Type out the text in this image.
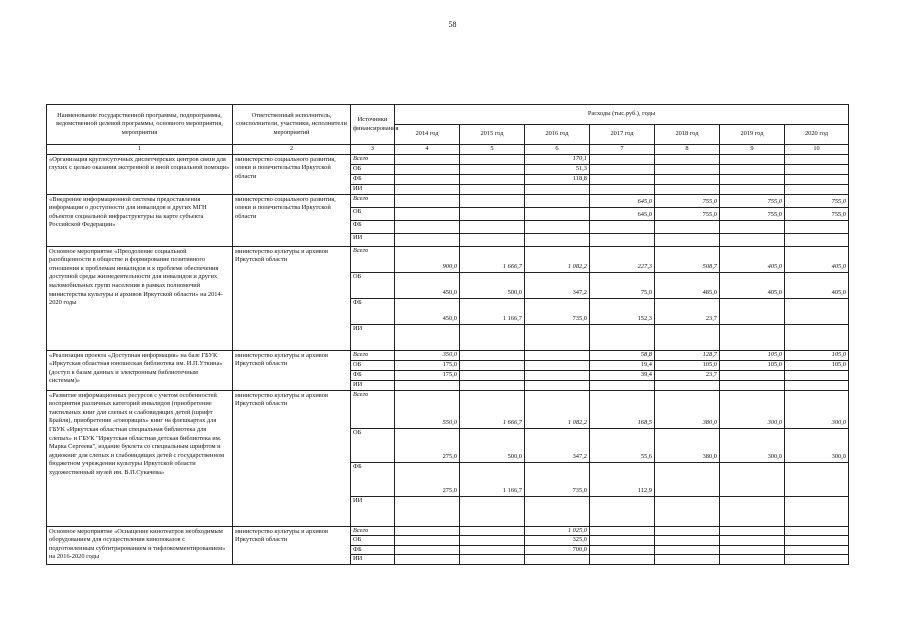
58
Наименование государственной программы, подпрограммы, ведомственной целевой программы, основного мероприятия, мероприятия	Ответственный исполнитель, соисполнители, участники, исполнители мероприятий	Источники финансирования	Расходы (тыс.руб.), годы						
			2014 год	2015 год	2016 год	2017 год	2018 год	2019 год	2020 год
1	2	3	4	5	6	7	8	9	10
«Организация круглосуточных диспетчерских центров связи для глухих с целью оказания экстренной и иной социальной помощи»	министерство социального развития, опеки и попечительства Иркутской области	Всего			170,1				
		ОБ			51,3				
		ФБ			118,8				
		ИИ							
«Внедрение информационной системы предоставления информации о доступности для инвалидов и других МГН объектов социальной инфраструктуры на карте субъекта Российской Федерации»	министерство социального развития, опеки и попечительства Иркутской области	Всего				645,0	755,0	755,0	755,0
		ОБ				645,0	755,0	755,0	755,0
		ФБ							
		ИИ							
Основное мероприятие «Преодоление социальной разобщенности в обществе и формирование позитивного отношения к проблемам инвалидов и к проблеме обеспечения доступной среды жизнедеятельности для инвалидов и других маломобильных групп населения в рамках полномочий министерства культуры и архивов Иркутской области» на 2014-2020 годы	министерство культуры и архивов Иркутской области	Всего	900,0	1 666,7	1 082,2	227,3	508,7	405,0	405,0
		ОБ	450,0	500,0	347,2	75,0	485,0	405,0	405,0
		ФБ	450,0	1 166,7	735,0	152,3	23,7		
		ИИ							
«Реализация проекта «Доступная информация» на базе ГБУК «Иркутская областная юношеская библиотека им. И.П.Уткина» (доступ к базам данных и электронным библиотечным системам)»	министерство культуры и архивов Иркутской области	Всего	350,0			58,8	128,7	105,0	105,0
		ОБ	175,0			19,4	105,0	105,0	105,0
		ФБ	175,0			39,4	23,7		
		ИИ							
«Развитие информационных ресурсов с учетом особенностей восприятия различных категорий инвалидов (приобретение тактильных книг для слепых и слабовидящих детей (шрифт Брайля), приобретение «говорящих» книг на флешкартах для ГБУК «Иркутская областная специальная библиотека для слепых» и ГБУК "Иркутская областная детская библиотека им. Марка Сергеева", издание буклета со специальным шрифтом и аудиокниг для слепых и слабовидящих детей с государственном бюджетном учреждении культуры Иркутской области художественный музей им. В.П.Сукачева»	министерство культуры и архивов Иркутской области	Всего	550,0	1 666,7	1 082,2	168,5	380,0	300,0	300,0
		ОБ	275,0	500,0	347,2	55,6	380,0	300,0	300,0
		ФБ	275,0	1 166,7	735,0	112,9			
		ИИ							
Основное мероприятие «Оснащение кинотеатров необходимым оборудованием для осуществления кинопоказов с подготовленным субтитрированием и тифлокомментированием» на 2016-2020 годы	министерство культуры и архивов Иркутской области	Всего			1 025,0				
		ОБ			325,0				
		ФБ			700,0				
		ИИ							
